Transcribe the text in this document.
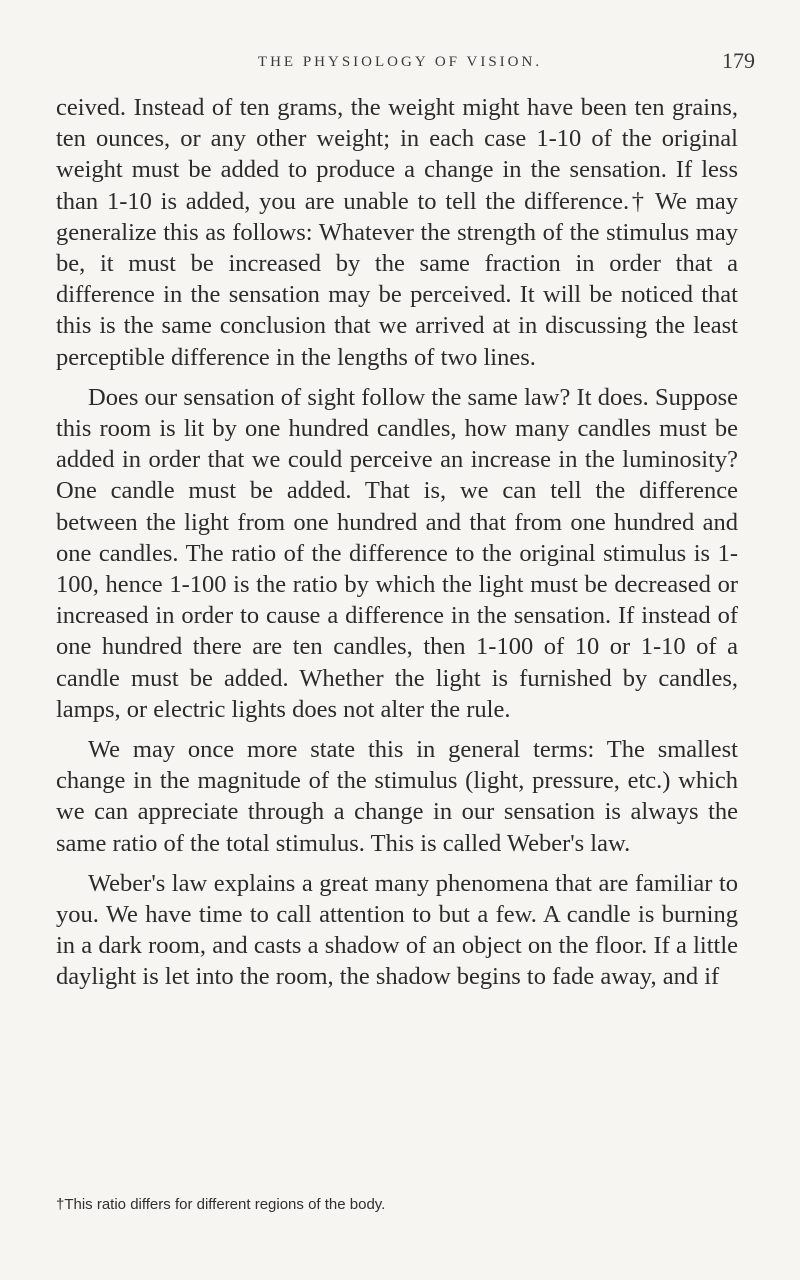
THE PHYSIOLOGY OF VISION.	179

ceived. Instead of ten grams, the weight might have been ten grains, ten ounces, or any other weight; in each case 1-10 of the original weight must be added to produce a change in the sensation. If less than 1-10 is added, you are unable to tell the difference.† We may generalize this as follows: Whatever the strength of the stimulus may be, it must be increased by the same fraction in order that a difference in the sensation may be perceived. It will be noticed that this is the same conclusion that we arrived at in discussing the least perceptible difference in the lengths of two lines.

Does our sensation of sight follow the same law? It does. Suppose this room is lit by one hundred candles, how many candles must be added in order that we could perceive an increase in the luminosity? One candle must be added. That is, we can tell the difference between the light from one hundred and that from one hundred and one candles. The ratio of the difference to the original stimulus is 1-100, hence 1-100 is the ratio by which the light must be decreased or increased in order to cause a difference in the sensation. If instead of one hundred there are ten candles, then 1-100 of 10 or 1-10 of a candle must be added. Whether the light is furnished by candles, lamps, or electric lights does not alter the rule.

We may once more state this in general terms: The smallest change in the magnitude of the stimulus (light, pressure, etc.) which we can appreciate through a change in our sensation is always the same ratio of the total stimulus. This is called Weber's law.

Weber's law explains a great many phenomena that are familiar to you. We have time to call attention to but a few. A candle is burning in a dark room, and casts a shadow of an object on the floor. If a little daylight is let into the room, the shadow begins to fade away, and if

†This ratio differs for different regions of the body.
